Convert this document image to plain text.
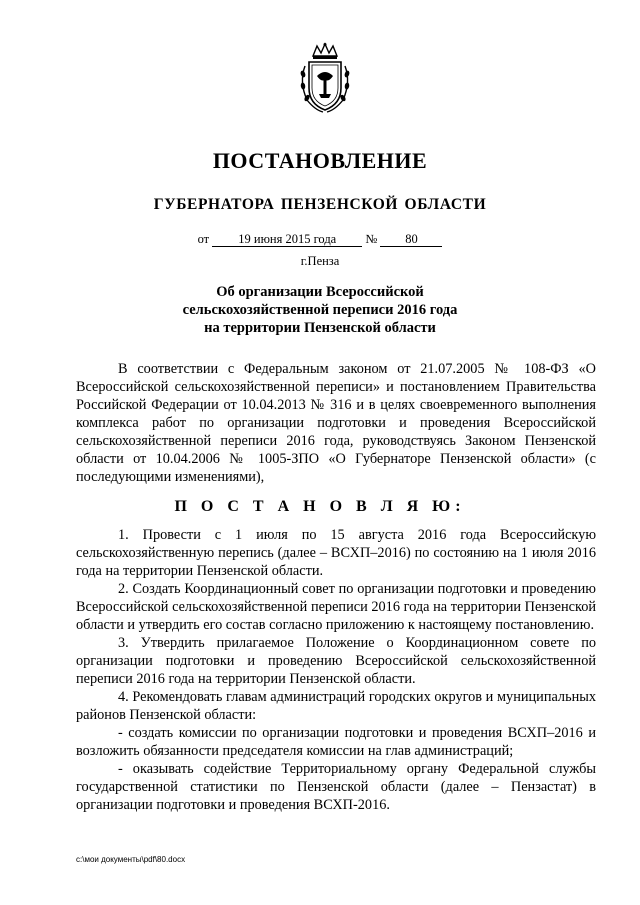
ПОСТАНОВЛЕНИЕ
ГУБЕРНАТОРА ПЕНЗЕНСКОЙ ОБЛАСТИ
от 19 июня 2015 года № 80
г.Пенза
Об организации Всероссийской
сельскохозяйственной переписи 2016 года
на территории Пензенской области

В соответствии с Федеральным законом от 21.07.2005 № 108-ФЗ «О Всероссийской сельскохозяйственной переписи» и постановлением Правительства Российской Федерации от 10.04.2013 № 316 и в целях своевременного выполнения комплекса работ по организации подготовки и проведения Всероссийской сельскохозяйственной переписи 2016 года, руководствуясь Законом Пензенской области от 10.04.2006 № 1005-ЗПО «О Губернаторе Пензенской области» (с последующими изменениями),

П О С Т А Н О В Л Я Ю:

1. Провести с 1 июля по 15 августа 2016 года Всероссийскую сельскохозяйственную перепись (далее – ВСХП–2016) по состоянию на 1 июля 2016 года на территории Пензенской области.

2. Создать Координационный совет по организации подготовки и проведению Всероссийской сельскохозяйственной переписи 2016 года на территории Пензенской области и утвердить его состав согласно приложению к настоящему постановлению.

3. Утвердить прилагаемое Положение о Координационном совете по организации подготовки и проведению Всероссийской сельскохозяйственной переписи 2016 года на территории Пензенской области.

4. Рекомендовать главам администраций городских округов и муниципальных районов Пензенской области:

- создать комиссии по организации подготовки и проведения ВСХП–2016 и возложить обязанности председателя комиссии на глав администраций;

- оказывать содействие Территориальному органу Федеральной службы государственной статистики по Пензенской области (далее – Пензастат) в организации подготовки и проведения ВСХП-2016.

c:\мои документы\pdf\80.docx
